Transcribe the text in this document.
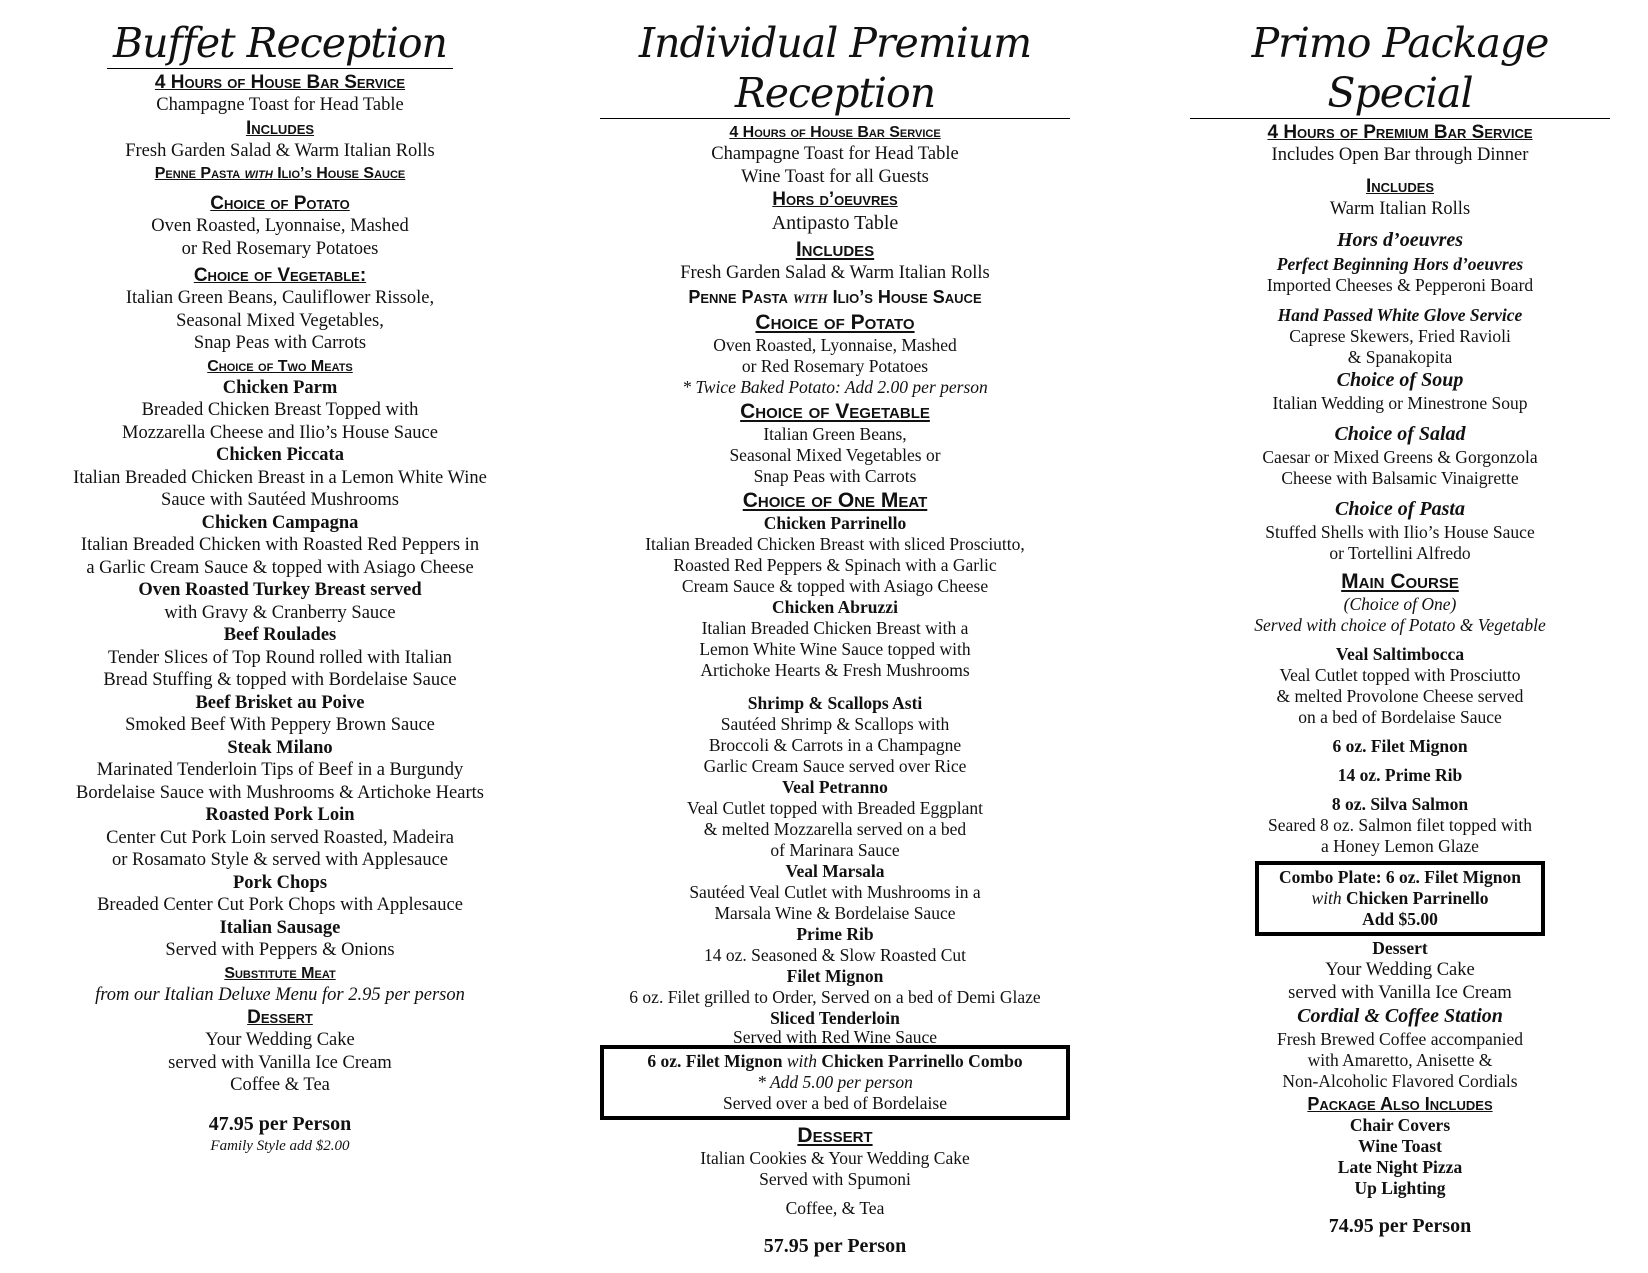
Buffet Reception
4 Hours of House Bar Service
Champagne Toast for Head Table
Includes
Fresh Garden Salad & Warm Italian Rolls
Penne Pasta with Ilio’s House Sauce
Choice of Potato
Oven Roasted, Lyonnaise, Mashed
or Red Rosemary Potatoes
Choice of Vegetable:
Italian Green Beans, Cauliflower Rissole,
Seasonal Mixed Vegetables,
Snap Peas with Carrots
Choice of Two Meats
Chicken Parm
Breaded Chicken Breast Topped with
Mozzarella Cheese and Ilio’s House Sauce
Chicken Piccata
Italian Breaded Chicken Breast in a Lemon White Wine
Sauce with Sautéed Mushrooms
Chicken Campagna
Italian Breaded Chicken with Roasted Red Peppers in
a Garlic Cream Sauce & topped with Asiago Cheese
Oven Roasted Turkey Breast served
with Gravy & Cranberry Sauce
Beef Roulades
Tender Slices of Top Round rolled with Italian
Bread Stuffing & topped with Bordelaise Sauce
Beef Brisket au Poive
Smoked Beef With Peppery Brown Sauce
Steak Milano
Marinated Tenderloin Tips of Beef in a Burgundy
Bordelaise Sauce with Mushrooms & Artichoke Hearts
Roasted Pork Loin
Center Cut Pork Loin served Roasted, Madeira
or Rosamato Style & served with Applesauce
Pork Chops
Breaded Center Cut Pork Chops with Applesauce
Italian Sausage
Served with Peppers & Onions
Substitute Meat
from our Italian Deluxe Menu for 2.95 per person
Dessert
Your Wedding Cake
served with Vanilla Ice Cream
Coffee & Tea
47.95 per Person
Family Style add $2.00
Individual Premium Reception
4 Hours of House Bar Service
Champagne Toast for Head Table
Wine Toast for all Guests
Hors d’oeuvres
Antipasto Table
Includes
Fresh Garden Salad & Warm Italian Rolls
Penne Pasta with Ilio’s House Sauce
Choice of Potato
Oven Roasted, Lyonnaise, Mashed
or Red Rosemary Potatoes
* Twice Baked Potato: Add 2.00 per person
Choice of Vegetable
Italian Green Beans,
Seasonal Mixed Vegetables or
Snap Peas with Carrots
Choice of One Meat
Chicken Parrinello
Italian Breaded Chicken Breast with sliced Prosciutto,
Roasted Red Peppers & Spinach with a Garlic
Cream Sauce & topped with Asiago Cheese
Chicken Abruzzi
Italian Breaded Chicken Breast with a
Lemon White Wine Sauce topped with
Artichoke Hearts & Fresh Mushrooms
Shrimp & Scallops Asti
Sautéed Shrimp & Scallops with
Broccoli & Carrots in a Champagne
Garlic Cream Sauce served over Rice
Veal Petranno
Veal Cutlet topped with Breaded Eggplant
& melted Mozzarella served on a bed
of Marinara Sauce
Veal Marsala
Sautéed Veal Cutlet with Mushrooms in a
Marsala Wine & Bordelaise Sauce
Prime Rib
14 oz. Seasoned & Slow Roasted Cut
Filet Mignon
6 oz. Filet grilled to Order, Served on a bed of Demi Glaze
Sliced Tenderloin
Served with Red Wine Sauce
6 oz. Filet Mignon with Chicken Parrinello Combo
* Add 5.00 per person
Served over a bed of Bordelaise
Dessert
Italian Cookies & Your Wedding Cake
Served with Spumoni
Coffee, & Tea
57.95 per Person
Primo Package Special
4 Hours of Premium Bar Service
Includes Open Bar through Dinner
Includes
Warm Italian Rolls
Hors d’oeuvres
Perfect Beginning Hors d’oeuvres
Imported Cheeses & Pepperoni Board
Hand Passed White Glove Service
Caprese Skewers, Fried Ravioli
& Spanakopita
Choice of Soup
Italian Wedding or Minestrone Soup
Choice of Salad
Caesar or Mixed Greens & Gorgonzola
Cheese with Balsamic Vinaigrette
Choice of Pasta
Stuffed Shells with Ilio’s House Sauce
or Tortellini Alfredo
Main Course
(Choice of One)
Served with choice of Potato & Vegetable
Veal Saltimbocca
Veal Cutlet topped with Prosciutto
& melted Provolone Cheese served
on a bed of Bordelaise Sauce
6 oz. Filet Mignon
14 oz. Prime Rib
8 oz. Silva Salmon
Seared 8 oz. Salmon filet topped with
a Honey Lemon Glaze
Combo Plate: 6 oz. Filet Mignon
with Chicken Parrinello
Add $5.00
Dessert
Your Wedding Cake
served with Vanilla Ice Cream
Cordial & Coffee Station
Fresh Brewed Coffee accompanied
with Amaretto, Anisette &
Non-Alcoholic Flavored Cordials
Package Also Includes
Chair Covers
Wine Toast
Late Night Pizza
Up Lighting
74.95 per Person
